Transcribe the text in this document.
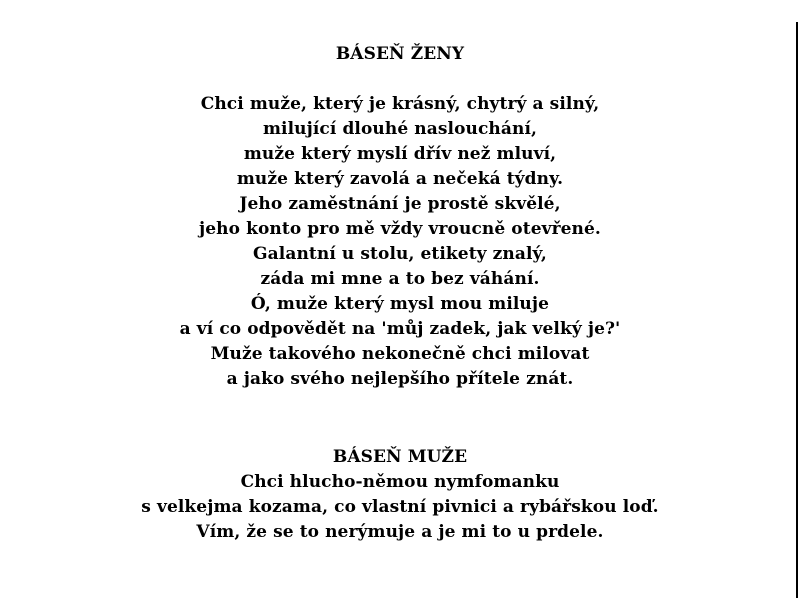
BÁSEŇ ŽENY
Chci muže, který je krásný, chytrý a silný,
milující dlouhé naslouchání,
muže který myslí dřív než mluví,
muže který zavolá a nečeká týdny.
Jeho zaměstnání je prostě skvělé,
jeho konto pro mě vždy vroucně otevřené.
Galantní u stolu, etikety znalý,
záda mi mne a to bez váhání.
Ó, muže který mysl mou miluje
a ví co odpovědět na 'můj zadek, jak velký je?'
Muže takového nekonečně chci milovat
a jako svého nejlepšího přítele znát.
BÁSEŇ MUŽE
Chci hlucho-němou nymfomanku
s velkejma kozama, co vlastní pivnici a rybářskou loď.
Vím, že se to nerýmuje a je mi to u prdele.
